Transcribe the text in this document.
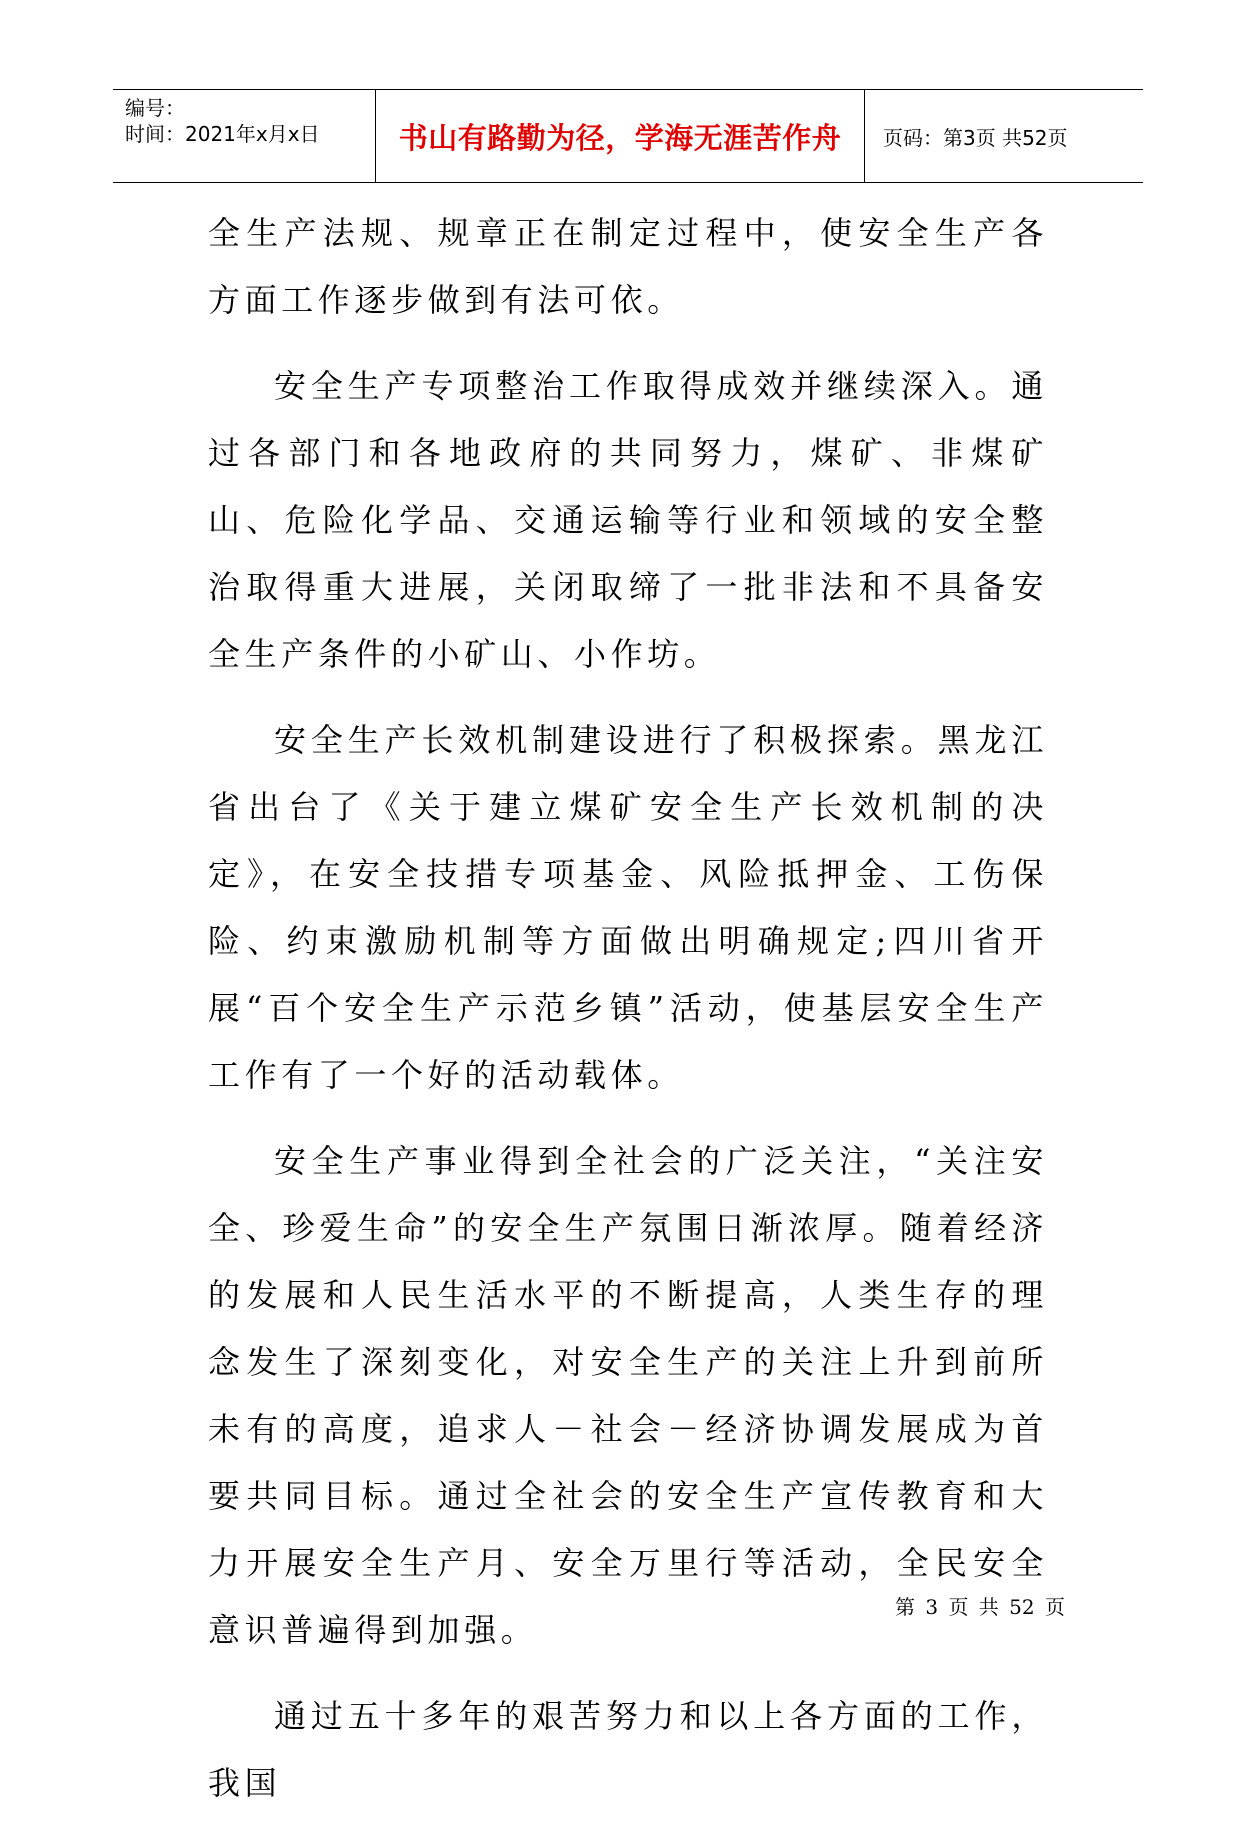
编号：
时间：2021年x月x日	书山有路勤为径，学海无涯苦作舟	页码：第3页 共52页

全生产法规、规章正在制定过程中，使安全生产各方面工作逐步做到有法可依。

安全生产专项整治工作取得成效并继续深入。通过各部门和各地政府的共同努力，煤矿、非煤矿山、危险化学品、交通运输等行业和领域的安全整治取得重大进展，关闭取缔了一批非法和不具备安全生产条件的小矿山、小作坊。

安全生产长效机制建设进行了积极探索。黑龙江省出台了《关于建立煤矿安全生产长效机制的决定》，在安全技措专项基金、风险抵押金、工伤保险、约束激励机制等方面做出明确规定;四川省开展“百个安全生产示范乡镇”活动，使基层安全生产工作有了一个好的活动载体。

安全生产事业得到全社会的广泛关注，“关注安全、珍爱生命”的安全生产氛围日渐浓厚。随着经济的发展和人民生活水平的不断提高，人类生存的理念发生了深刻变化，对安全生产的关注上升到前所未有的高度，追求人－社会－经济协调发展成为首要共同目标。通过全社会的安全生产宣传教育和大力开展安全生产月、安全万里行等活动，全民安全意识普遍得到加强。

通过五十多年的艰苦努力和以上各方面的工作，我国

第 3 页 共 52 页
